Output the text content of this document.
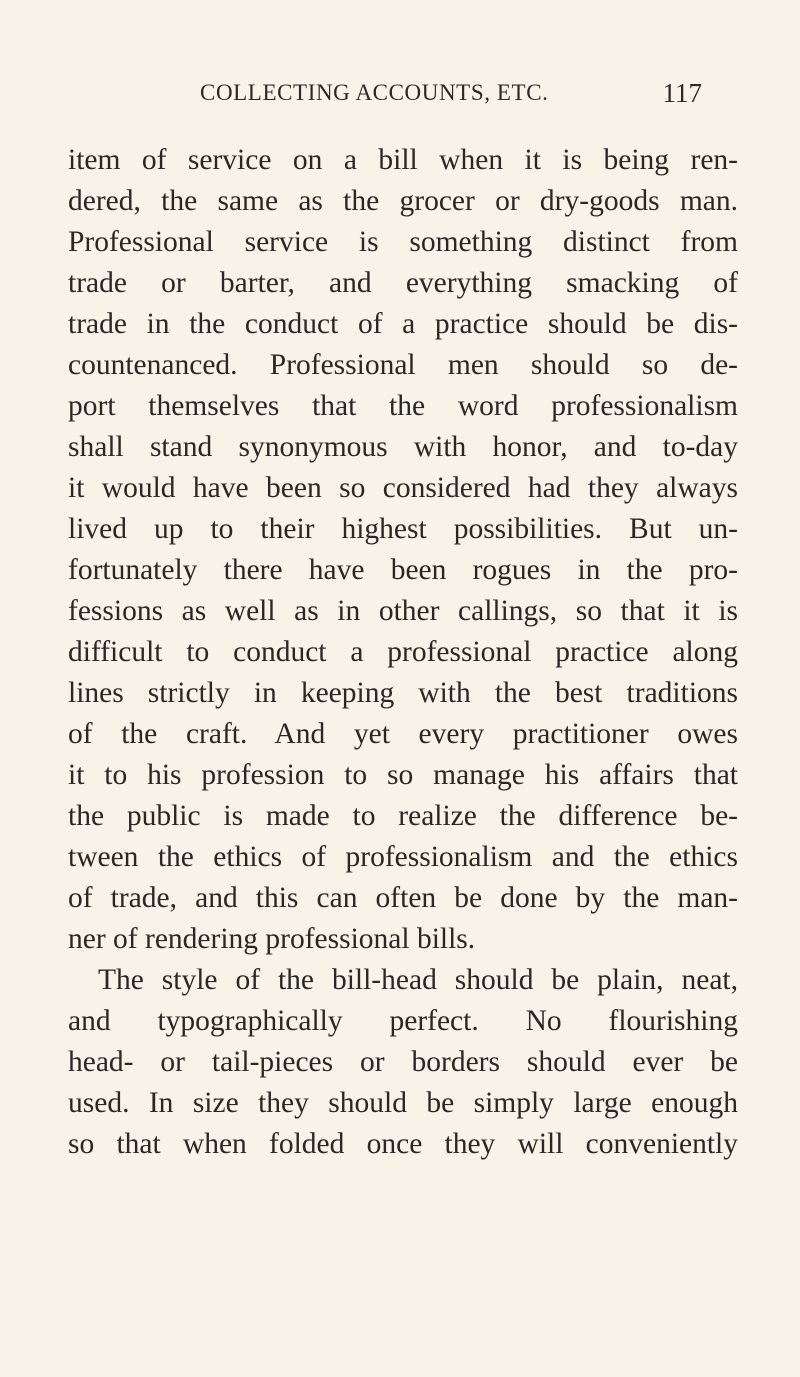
COLLECTING ACCOUNTS, ETC.	117
item of service on a bill when it is being ren-
dered, the same as the grocer or dry-goods man.
Professional service is something distinct from
trade or barter, and everything smacking of
trade in the conduct of a practice should be dis-
countenanced. Professional men should so de-
port themselves that the word professionalism
shall stand synonymous with honor, and to-day
it would have been so considered had they always
lived up to their highest possibilities. But un-
fortunately there have been rogues in the pro-
fessions as well as in other callings, so that it is
difficult to conduct a professional practice along
lines strictly in keeping with the best traditions
of the craft. And yet every practitioner owes
it to his profession to so manage his affairs that
the public is made to realize the difference be-
tween the ethics of professionalism and the ethics
of trade, and this can often be done by the man-
ner of rendering professional bills.
The style of the bill-head should be plain, neat,
and typographically perfect. No flourishing
head- or tail-pieces or borders should ever be
used. In size they should be simply large enough
so that when folded once they will conveniently
